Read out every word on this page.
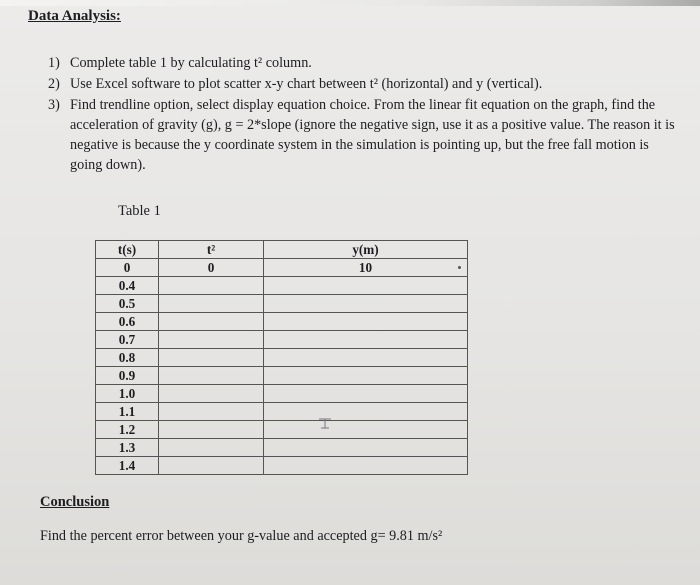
Data Analysis:
1) Complete table 1 by calculating t² column.
2) Use Excel software to plot scatter x-y chart between t² (horizontal) and y (vertical).
3) Find trendline option, select display equation choice. From the linear fit equation on the graph, find the acceleration of gravity (g), g = 2*slope (ignore the negative sign, use it as a positive value. The reason it is negative is because the y coordinate system in the simulation is pointing up, but the free fall motion is going down).
Table 1
t(s)	t²	y(m)
0	0	10
0.4		
0.5		
0.6		
0.7		
0.8		
0.9		
1.0		
1.1		
1.2		
1.3		
1.4		
Conclusion
Find the percent error between your g-value and accepted g= 9.81 m/s²
